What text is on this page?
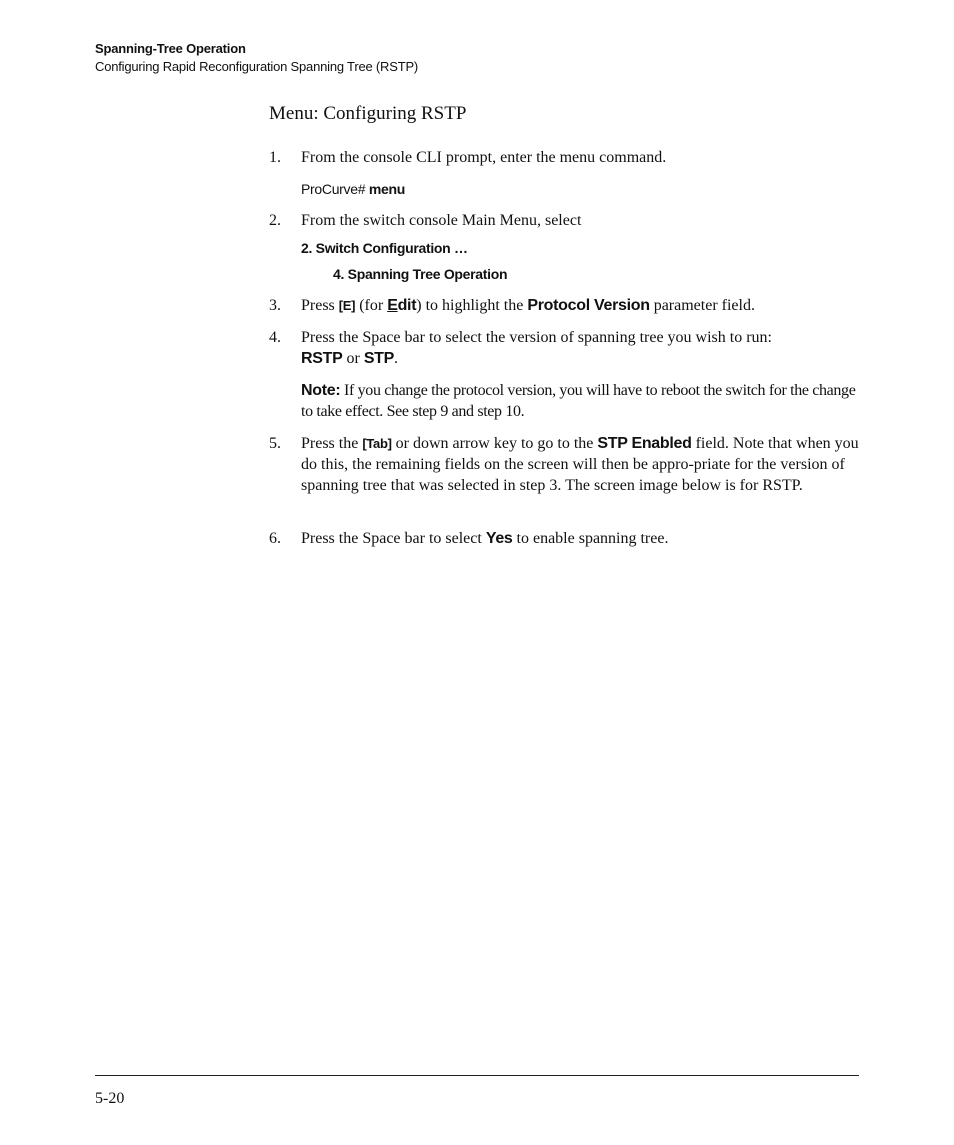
Spanning-Tree Operation
Configuring Rapid Reconfiguration Spanning Tree (RSTP)
Menu: Configuring RSTP
1. From the console CLI prompt, enter the menu command.
ProCurve# menu
2. From the switch console Main Menu, select
2. Switch Configuration …
4. Spanning Tree Operation
3. Press [E] (for Edit) to highlight the Protocol Version parameter field.
4. Press the Space bar to select the version of spanning tree you wish to run:
RSTP or STP.
Note: If you change the protocol version, you will have to reboot the switch for the change to take effect. See step 9 and step 10.
5. Press the [Tab] or down arrow key to go to the STP Enabled field. Note that when you do this, the remaining fields on the screen will then be appro-priate for the version of spanning tree that was selected in step 3. The screen image below is for RSTP.
6. Press the Space bar to select Yes to enable spanning tree.
5-20
